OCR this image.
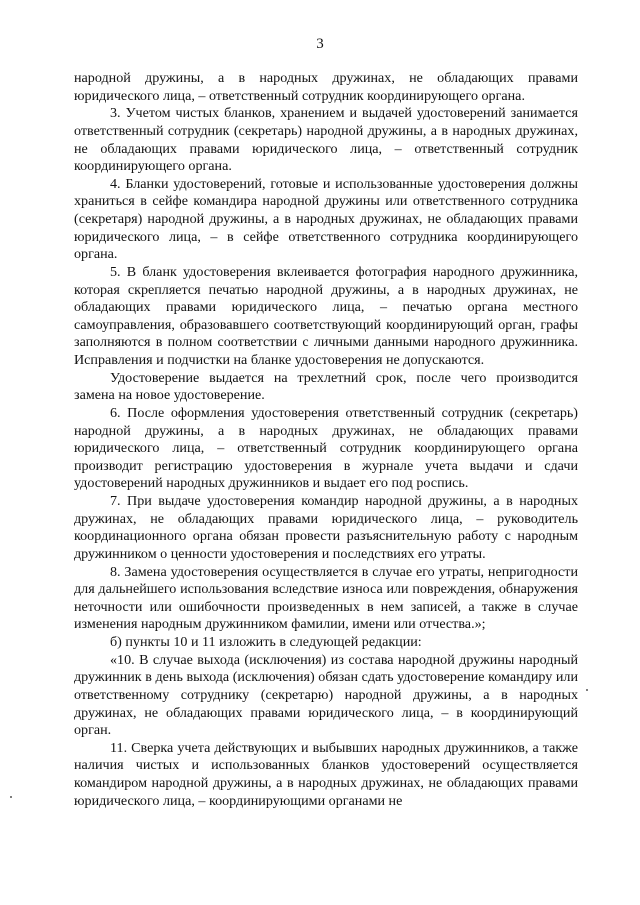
3

народной дружины, а в народных дружинах, не обладающих правами юридического лица, – ответственный сотрудник координирующего органа.

3. Учетом чистых бланков, хранением и выдачей удостоверений занимается ответственный сотрудник (секретарь) народной дружины, а в народных дружинах, не обладающих правами юридического лица, – ответственный сотрудник координирующего органа.

4. Бланки удостоверений, готовые и использованные удостоверения должны храниться в сейфе командира народной дружины или ответственного сотрудника (секретаря) народной дружины, а в народных дружинах, не обладающих правами юридического лица, – в сейфе ответственного сотрудника координирующего органа.

5. В бланк удостоверения вклеивается фотография народного дружинника, которая скрепляется печатью народной дружины, а в народных дружинах, не обладающих правами юридического лица, – печатью органа местного самоуправления, образовавшего соответствующий координирующий орган, графы заполняются в полном соответствии с личными данными народного дружинника. Исправления и подчистки на бланке удостоверения не допускаются.

Удостоверение выдается на трехлетний срок, после чего производится замена на новое удостоверение.

6. После оформления удостоверения ответственный сотрудник (секретарь) народной дружины, а в народных дружинах, не обладающих правами юридического лица, – ответственный сотрудник координирующего органа производит регистрацию удостоверения в журнале учета выдачи и сдачи удостоверений народных дружинников и выдает его под роспись.

7. При выдаче удостоверения командир народной дружины, а в народных дружинах, не обладающих правами юридического лица, – руководитель координационного органа обязан провести разъяснительную работу с народным дружинником о ценности удостоверения и последствиях его утраты.

8. Замена удостоверения осуществляется в случае его утраты, непригодности для дальнейшего использования вследствие износа или повреждения, обнаружения неточности или ошибочности произведенных в нем записей, а также в случае изменения народным дружинником фамилии, имени или отчества.»;

б) пункты 10 и 11 изложить в следующей редакции:

«10. В случае выхода (исключения) из состава народной дружины народный дружинник в день выхода (исключения) обязан сдать удостоверение командиру или ответственному сотруднику (секретарю) народной дружины, а в народных дружинах, не обладающих правами юридического лица, – в координирующий орган.

11. Сверка учета действующих и выбывших народных дружинников, а также наличия чистых и использованных бланков удостоверений осуществляется командиром народной дружины, а в народных дружинах, не обладающих правами юридического лица, – координирующими органами не
